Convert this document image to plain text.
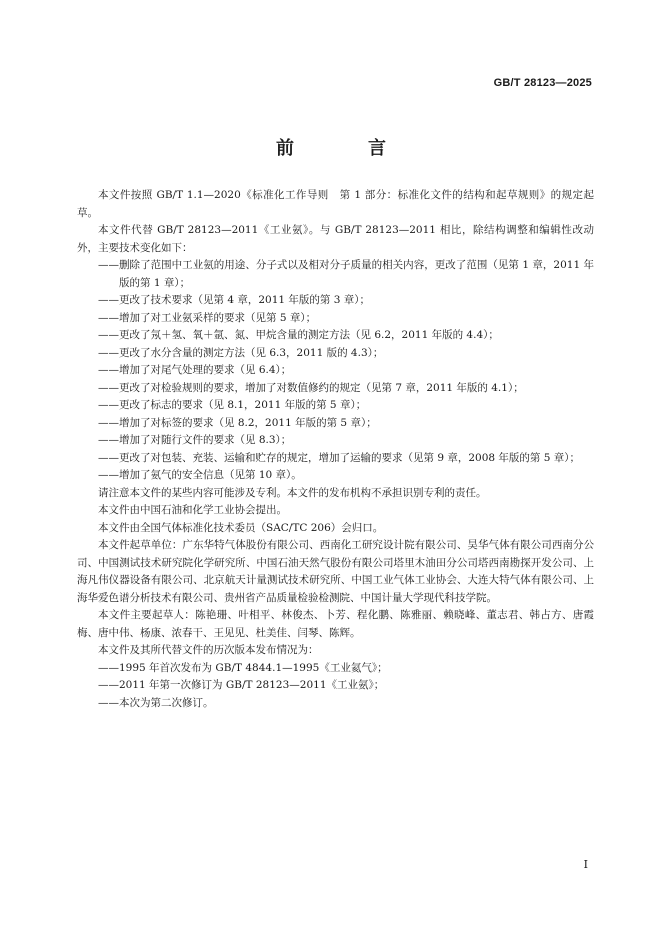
GB/T 28123—2025
前　言

本文件按照 GB/T 1.1—2020《标准化工作导则　第 1 部分：标准化文件的结构和起草规则》的规定起草。

本文件代替 GB/T 28123—2011《工业氨》。与 GB/T 28123—2011 相比，除结构调整和编辑性改动外，主要技术变化如下：

——删除了范围中工业氨的用途、分子式以及相对分子质量的相关内容，更改了范围（见第 1 章，2011 年版的第 1 章）；

——更改了技术要求（见第 4 章，2011 年版的第 3 章）；

——增加了对工业氨采样的要求（见第 5 章）；

——更改了氖＋氢、氧＋氩、氮、甲烷含量的测定方法（见 6.2，2011 年版的 4.4）；

——更改了水分含量的测定方法（见 6.3，2011 版的 4.3）；

——增加了对尾气处理的要求（见 6.4）；

——更改了对检验规则的要求，增加了对数值修约的规定（见第 7 章，2011 年版的 4.1）；

——更改了标志的要求（见 8.1，2011 年版的第 5 章）；

——增加了对标签的要求（见 8.2，2011 年版的第 5 章）；

——增加了对随行文件的要求（见 8.3）；

——更改了对包装、充装、运输和贮存的规定，增加了运输的要求（见第 9 章，2008 年版的第 5 章）；

——增加了氨气的安全信息（见第 10 章）。

请注意本文件的某些内容可能涉及专利。本文件的发布机构不承担识别专利的责任。

本文件由中国石油和化学工业协会提出。

本文件由全国气体标准化技术委员（SAC/TC 206）会归口。

本文件起草单位：广东华特气体股份有限公司、西南化工研究设计院有限公司、昊华气体有限公司西南分公司、中国测试技术研究院化学研究所、中国石油天然气股份有限公司塔里木油田分公司塔西南勘探开发公司、上海凡伟仪器设备有限公司、北京航天计量测试技术研究所、中国工业气体工业协会、大连大特气体有限公司、上海华爱色谱分析技术有限公司、贵州省产品质量检验检测院、中国计量大学现代科技学院。

本文件主要起草人：陈艳珊、叶相平、林俊杰、卜芳、程化鹏、陈雅丽、赖晓峰、董志君、韩占方、唐霞梅、唐中伟、杨康、浓春干、王见见、杜美佳、闫琴、陈辉。

本文件及其所代替文件的历次版本发布情况为：

——1995 年首次发布为 GB/T 4844.1—1995《工业氦气》；

——2011 年第一次修订为 GB/T 28123—2011《工业氨》；

——本次为第二次修订。

I
